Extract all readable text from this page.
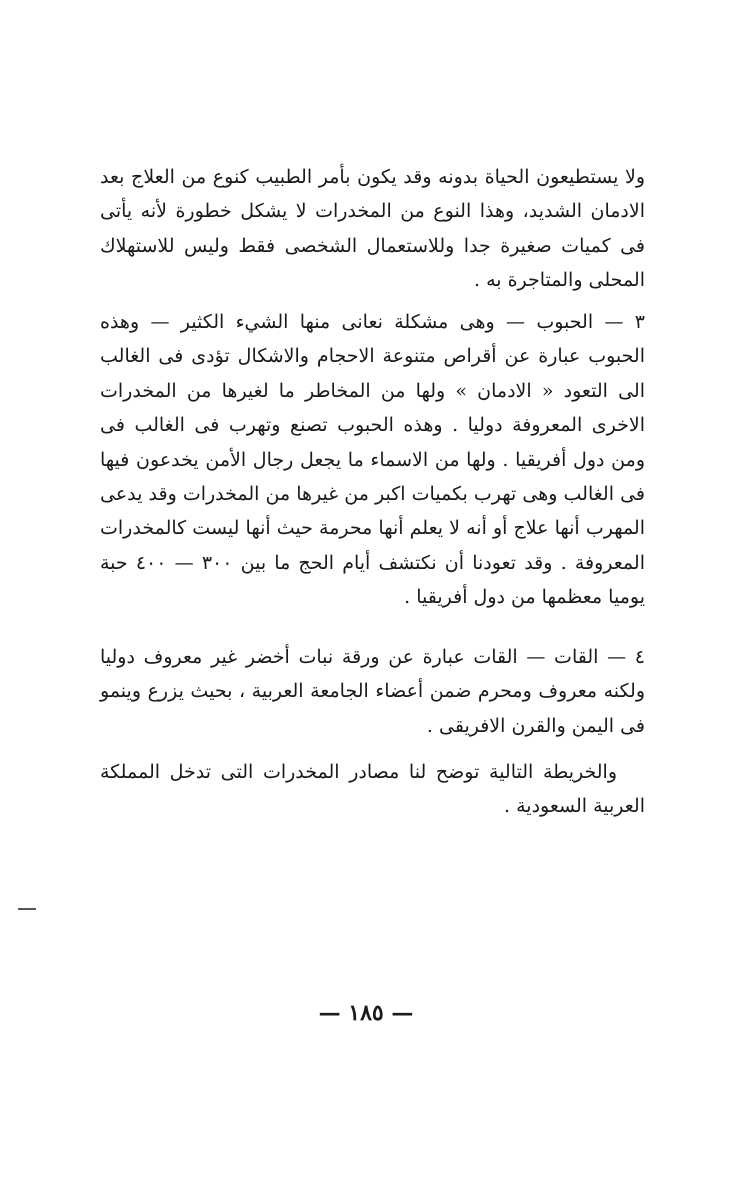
ولا يستطيعون الحياة بدونه وقد يكون بأمر الطبيب كنوع من العلاج بعد الادمان الشديد، وهذا النوع من المخدرات لا يشكل خطورة لأنه يأتى فى كميات صغيرة جدا وللاستعمال الشخصى فقط وليس للاستهلاك المحلى والمتاجرة به .

٣ — الحبوب — وهى مشكلة نعانى منها الشيء الكثير — وهذه الحبوب عبارة عن أقراص متنوعة الاحجام والاشكال تؤدى فى الغالب الى التعود « الادمان » ولها من المخاطر ما لغيرها من المخدرات الاخرى المعروفة دوليا . وهذه الحبوب تصنع وتهرب فى الغالب فى ومن دول أفريقيا . ولها من الاسماء ما يجعل رجال الأمن يخدعون فيها فى الغالب وهى تهرب بكميات اكبر من غيرها من المخدرات وقد يدعى المهرب أنها علاج أو أنه لا يعلم أنها محرمة حيث أنها ليست كالمخدرات المعروفة . وقد تعودنا أن نكتشف أيام الحج ما بين ٣٠٠ — ٤٠٠ حبة يوميا معظمها من دول أفريقيا .

٤ — القات — القات عبارة عن ورقة نبات أخضر غير معروف دوليا ولكنه معروف ومحرم ضمن أعضاء الجامعة العربية ، بحيث يزرع وينمو فى اليمن والقرن الافريقى .

والخريطة التالية توضح لنا مصادر المخدرات التى تدخل المملكة العربية السعودية .

— ١٨٥ —
